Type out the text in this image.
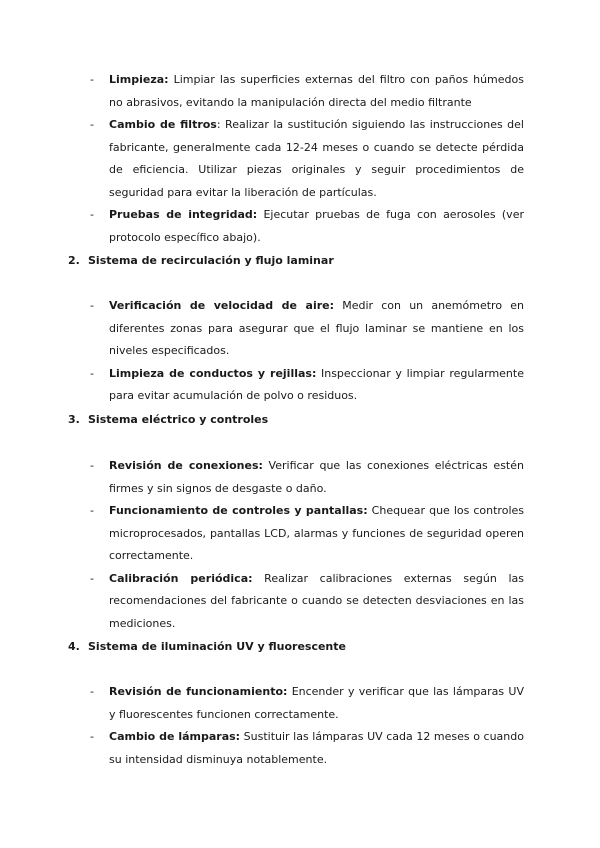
- Limpieza: Limpiar las superficies externas del filtro con paños húmedos no abrasivos, evitando la manipulación directa del medio filtrante
- Cambio de filtros: Realizar la sustitución siguiendo las instrucciones del fabricante, generalmente cada 12-24 meses o cuando se detecte pérdida de eficiencia. Utilizar piezas originales y seguir procedimientos de seguridad para evitar la liberación de partículas.
- Pruebas de integridad: Ejecutar pruebas de fuga con aerosoles (ver protocolo específico abajo).
2. Sistema de recirculación y flujo laminar
- Verificación de velocidad de aire: Medir con un anemómetro en diferentes zonas para asegurar que el flujo laminar se mantiene en los niveles especificados.
- Limpieza de conductos y rejillas: Inspeccionar y limpiar regularmente para evitar acumulación de polvo o residuos.
3. Sistema eléctrico y controles
- Revisión de conexiones: Verificar que las conexiones eléctricas estén firmes y sin signos de desgaste o daño.
- Funcionamiento de controles y pantallas: Chequear que los controles microprocesados, pantallas LCD, alarmas y funciones de seguridad operen correctamente.
- Calibración periódica: Realizar calibraciones externas según las recomendaciones del fabricante o cuando se detecten desviaciones en las mediciones.
4. Sistema de iluminación UV y fluorescente
- Revisión de funcionamiento: Encender y verificar que las lámparas UV y fluorescentes funcionen correctamente.
- Cambio de lámparas: Sustituir las lámparas UV cada 12 meses o cuando su intensidad disminuya notablemente.
